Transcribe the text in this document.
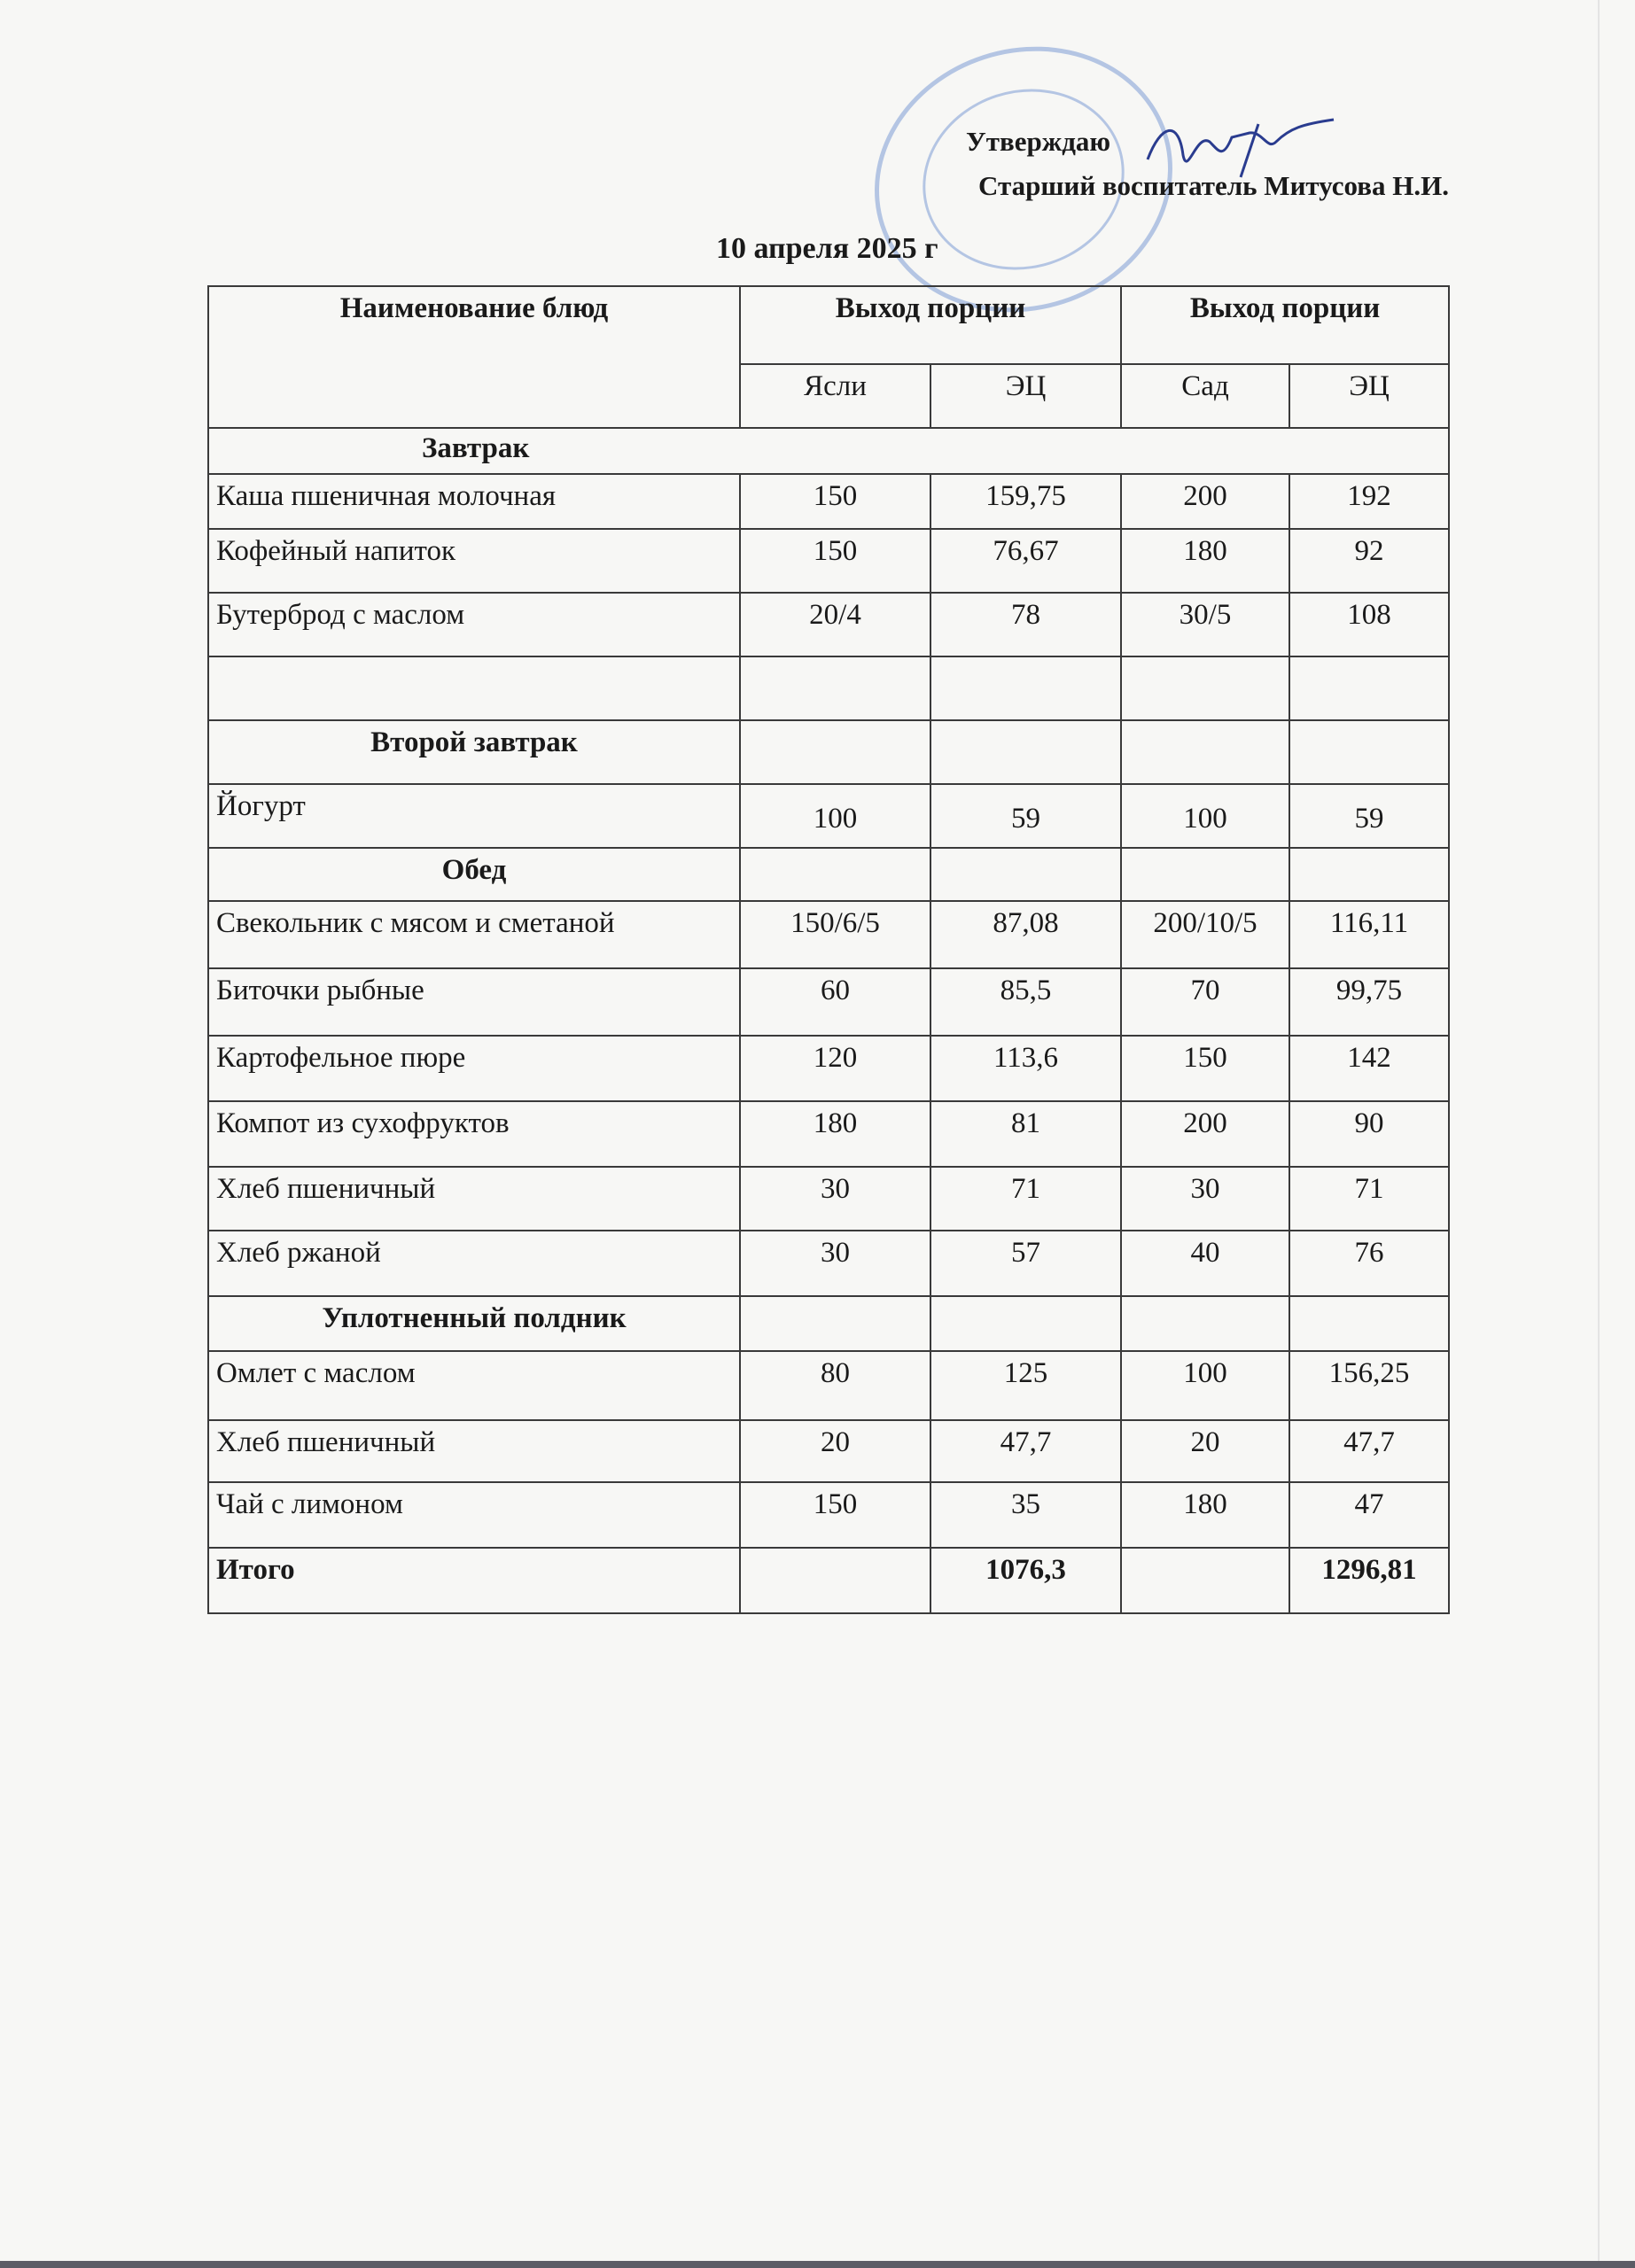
Утверждаю
Старший воспитатель Митусова Н.И.
10 апреля 2025 г
Наименование блюд	Выход порции		Выход порции	
	Ясли	ЭЦ	Сад	ЭЦ
Завтрак				
Каша пшеничная молочная	150	159,75	200	192
Кофейный напиток	150	76,67	180	92
Бутерброд с маслом	20/4	78	30/5	108

Второй завтрак				
Йогурт	100	59	100	59
Обед				
Свекольник с мясом и сметаной	150/6/5	87,08	200/10/5	116,11
Биточки рыбные	60	85,5	70	99,75
Картофельное пюре	120	113,6	150	142
Компот из сухофруктов	180	81	200	90
Хлеб пшеничный	30	71	30	71
Хлеб ржаной	30	57	40	76
Уплотненный полдник				
Омлет с маслом	80	125	100	156,25
Хлеб пшеничный	20	47,7	20	47,7
Чай с лимоном	150	35	180	47
Итого		1076,3		1296,81
